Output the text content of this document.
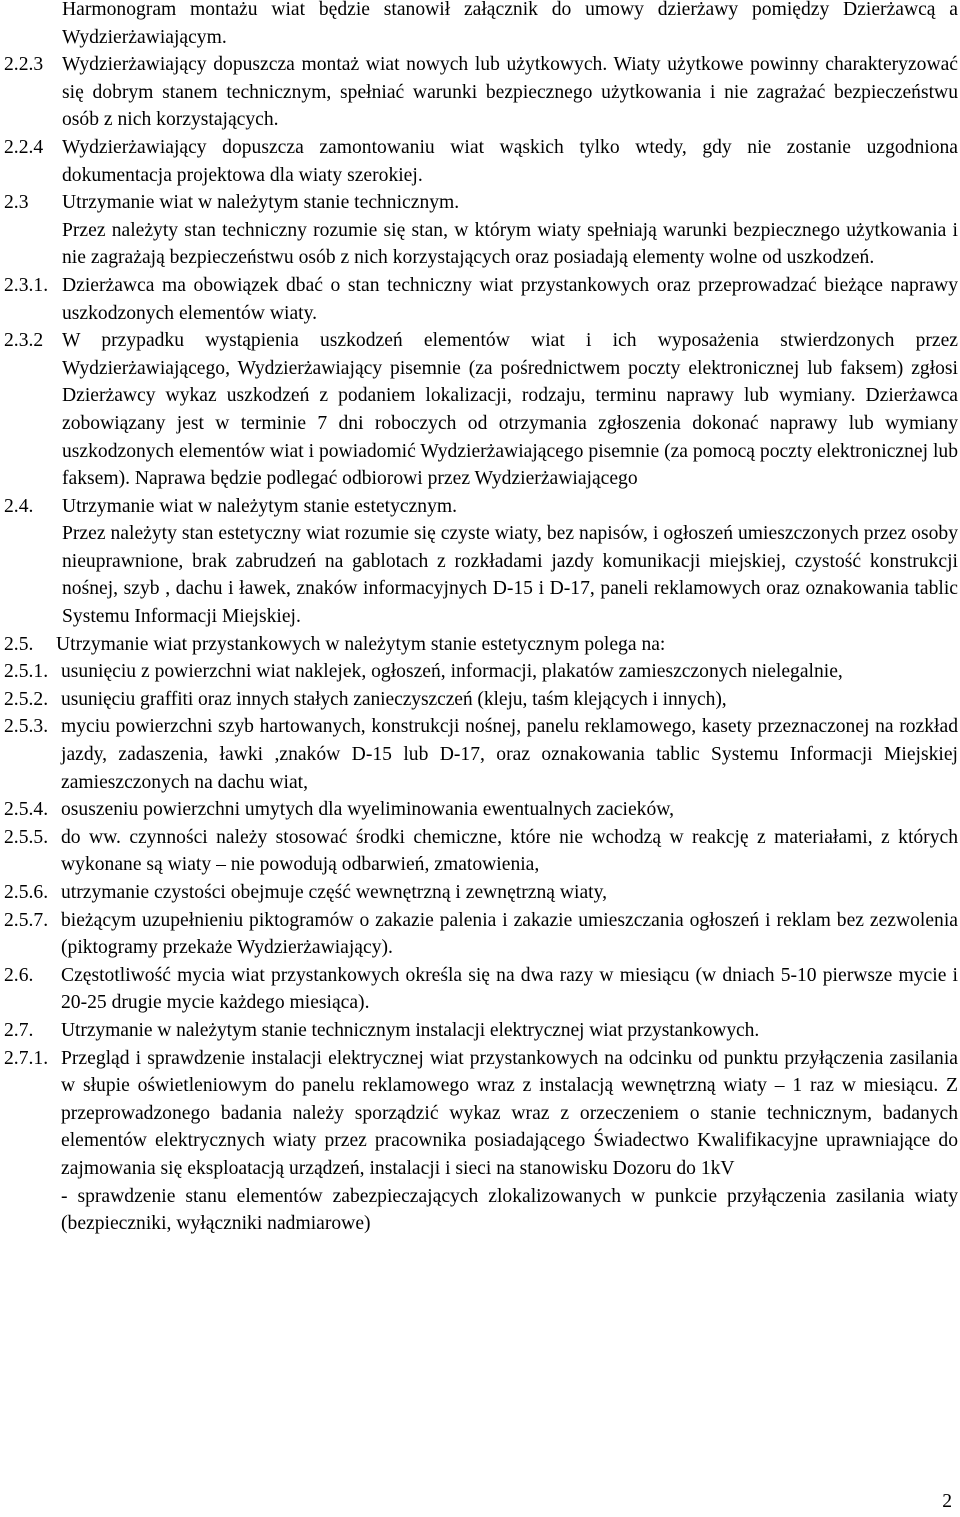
Harmonogram montażu wiat będzie stanowił załącznik do umowy dzierżawy pomiędzy Dzierżawcą a Wydzierżawiającym.
2.2.3 Wydzierżawiający dopuszcza montaż wiat nowych lub użytkowych. Wiaty użytkowe powinny charakteryzować się dobrym stanem technicznym, spełniać warunki bezpiecznego użytkowania i nie zagrażać bezpieczeństwu osób z nich korzystających.
2.2.4 Wydzierżawiający dopuszcza zamontowaniu wiat wąskich tylko wtedy, gdy nie zostanie uzgodniona dokumentacja projektowa dla wiaty szerokiej.
2.3	Utrzymanie wiat w należytym stanie technicznym.
Przez należyty stan techniczny rozumie się stan, w którym wiaty spełniają warunki bezpiecznego użytkowania i nie zagrażają bezpieczeństwu osób z nich korzystających oraz posiadają elementy wolne od uszkodzeń.
2.3.1. Dzierżawca ma obowiązek dbać o stan techniczny wiat przystankowych oraz przeprowadzać bieżące naprawy uszkodzonych elementów wiaty.
2.3.2 W przypadku wystąpienia uszkodzeń elementów wiat i ich wyposażenia stwierdzonych przez Wydzierżawiającego, Wydzierżawiający pisemnie (za pośrednictwem poczty elektronicznej lub faksem) zgłosi Dzierżawcy wykaz uszkodzeń z podaniem lokalizacji, rodzaju, terminu naprawy lub wymiany. Dzierżawca zobowiązany jest w terminie 7 dni roboczych od otrzymania zgłoszenia dokonać naprawy lub wymiany uszkodzonych elementów wiat i powiadomić Wydzierżawiającego pisemnie (za pomocą poczty elektronicznej lub faksem). Naprawa będzie podlegać odbiorowi przez Wydzierżawiającego
2.4.	Utrzymanie wiat w należytym stanie estetycznym.
Przez należyty stan estetyczny wiat rozumie się czyste wiaty, bez napisów, i ogłoszeń umieszczonych przez osoby nieuprawnione, brak zabrudzeń na gablotach z rozkładami jazdy komunikacji miejskiej, czystość konstrukcji nośnej, szyb , dachu i ławek, znaków informacyjnych D-15 i D-17, paneli reklamowych oraz oznakowania tablic Systemu Informacji Miejskiej.
2.5.	Utrzymanie wiat przystankowych w należytym stanie estetycznym polega na:
2.5.1. usunięciu z powierzchni wiat naklejek, ogłoszeń, informacji, plakatów zamieszczonych nielegalnie,
2.5.2. usunięciu graffiti oraz innych stałych zanieczyszczeń (kleju, taśm klejących i innych),
2.5.3. myciu powierzchni szyb hartowanych, konstrukcji nośnej, panelu reklamowego, kasety przeznaczonej na rozkład jazdy, zadaszenia, ławki ,znaków D-15 lub D-17, oraz oznakowania tablic Systemu Informacji Miejskiej zamieszczonych na dachu wiat,
2.5.4. osuszeniu powierzchni umytych dla wyeliminowania ewentualnych zacieków,
2.5.5. do ww. czynności należy stosować środki chemiczne, które nie wchodzą w reakcję z materiałami, z których wykonane są wiaty – nie powodują odbarwień, zmatowienia,
2.5.6. utrzymanie czystości obejmuje część wewnętrzną i zewnętrzną wiaty,
2.5.7. bieżącym uzupełnieniu piktogramów o zakazie palenia i zakazie umieszczania ogłoszeń i reklam bez zezwolenia (piktogramy przekaże Wydzierżawiający).
2.6.	Częstotliwość mycia wiat przystankowych określa się na dwa razy w miesiącu (w dniach 5-10 pierwsze mycie i 20-25 drugie mycie każdego miesiąca).
2.7.	Utrzymanie w należytym stanie technicznym instalacji elektrycznej wiat przystankowych.
2.7.1. Przegląd i sprawdzenie instalacji elektrycznej wiat przystankowych na odcinku od punktu przyłączenia zasilania w słupie oświetleniowym do panelu reklamowego wraz z instalacją wewnętrzną wiaty – 1 raz w miesiącu. Z przeprowadzonego badania należy sporządzić wykaz wraz z orzeczeniem o stanie technicznym, badanych elementów elektrycznych wiaty przez pracownika posiadającego Świadectwo Kwalifikacyjne uprawniające do zajmowania się eksploatacją urządzeń, instalacji i sieci na stanowisku Dozoru do 1kV
- sprawdzenie stanu elementów zabezpieczających zlokalizowanych w punkcie przyłączenia zasilania wiaty (bezpieczniki, wyłączniki nadmiarowe)
2
